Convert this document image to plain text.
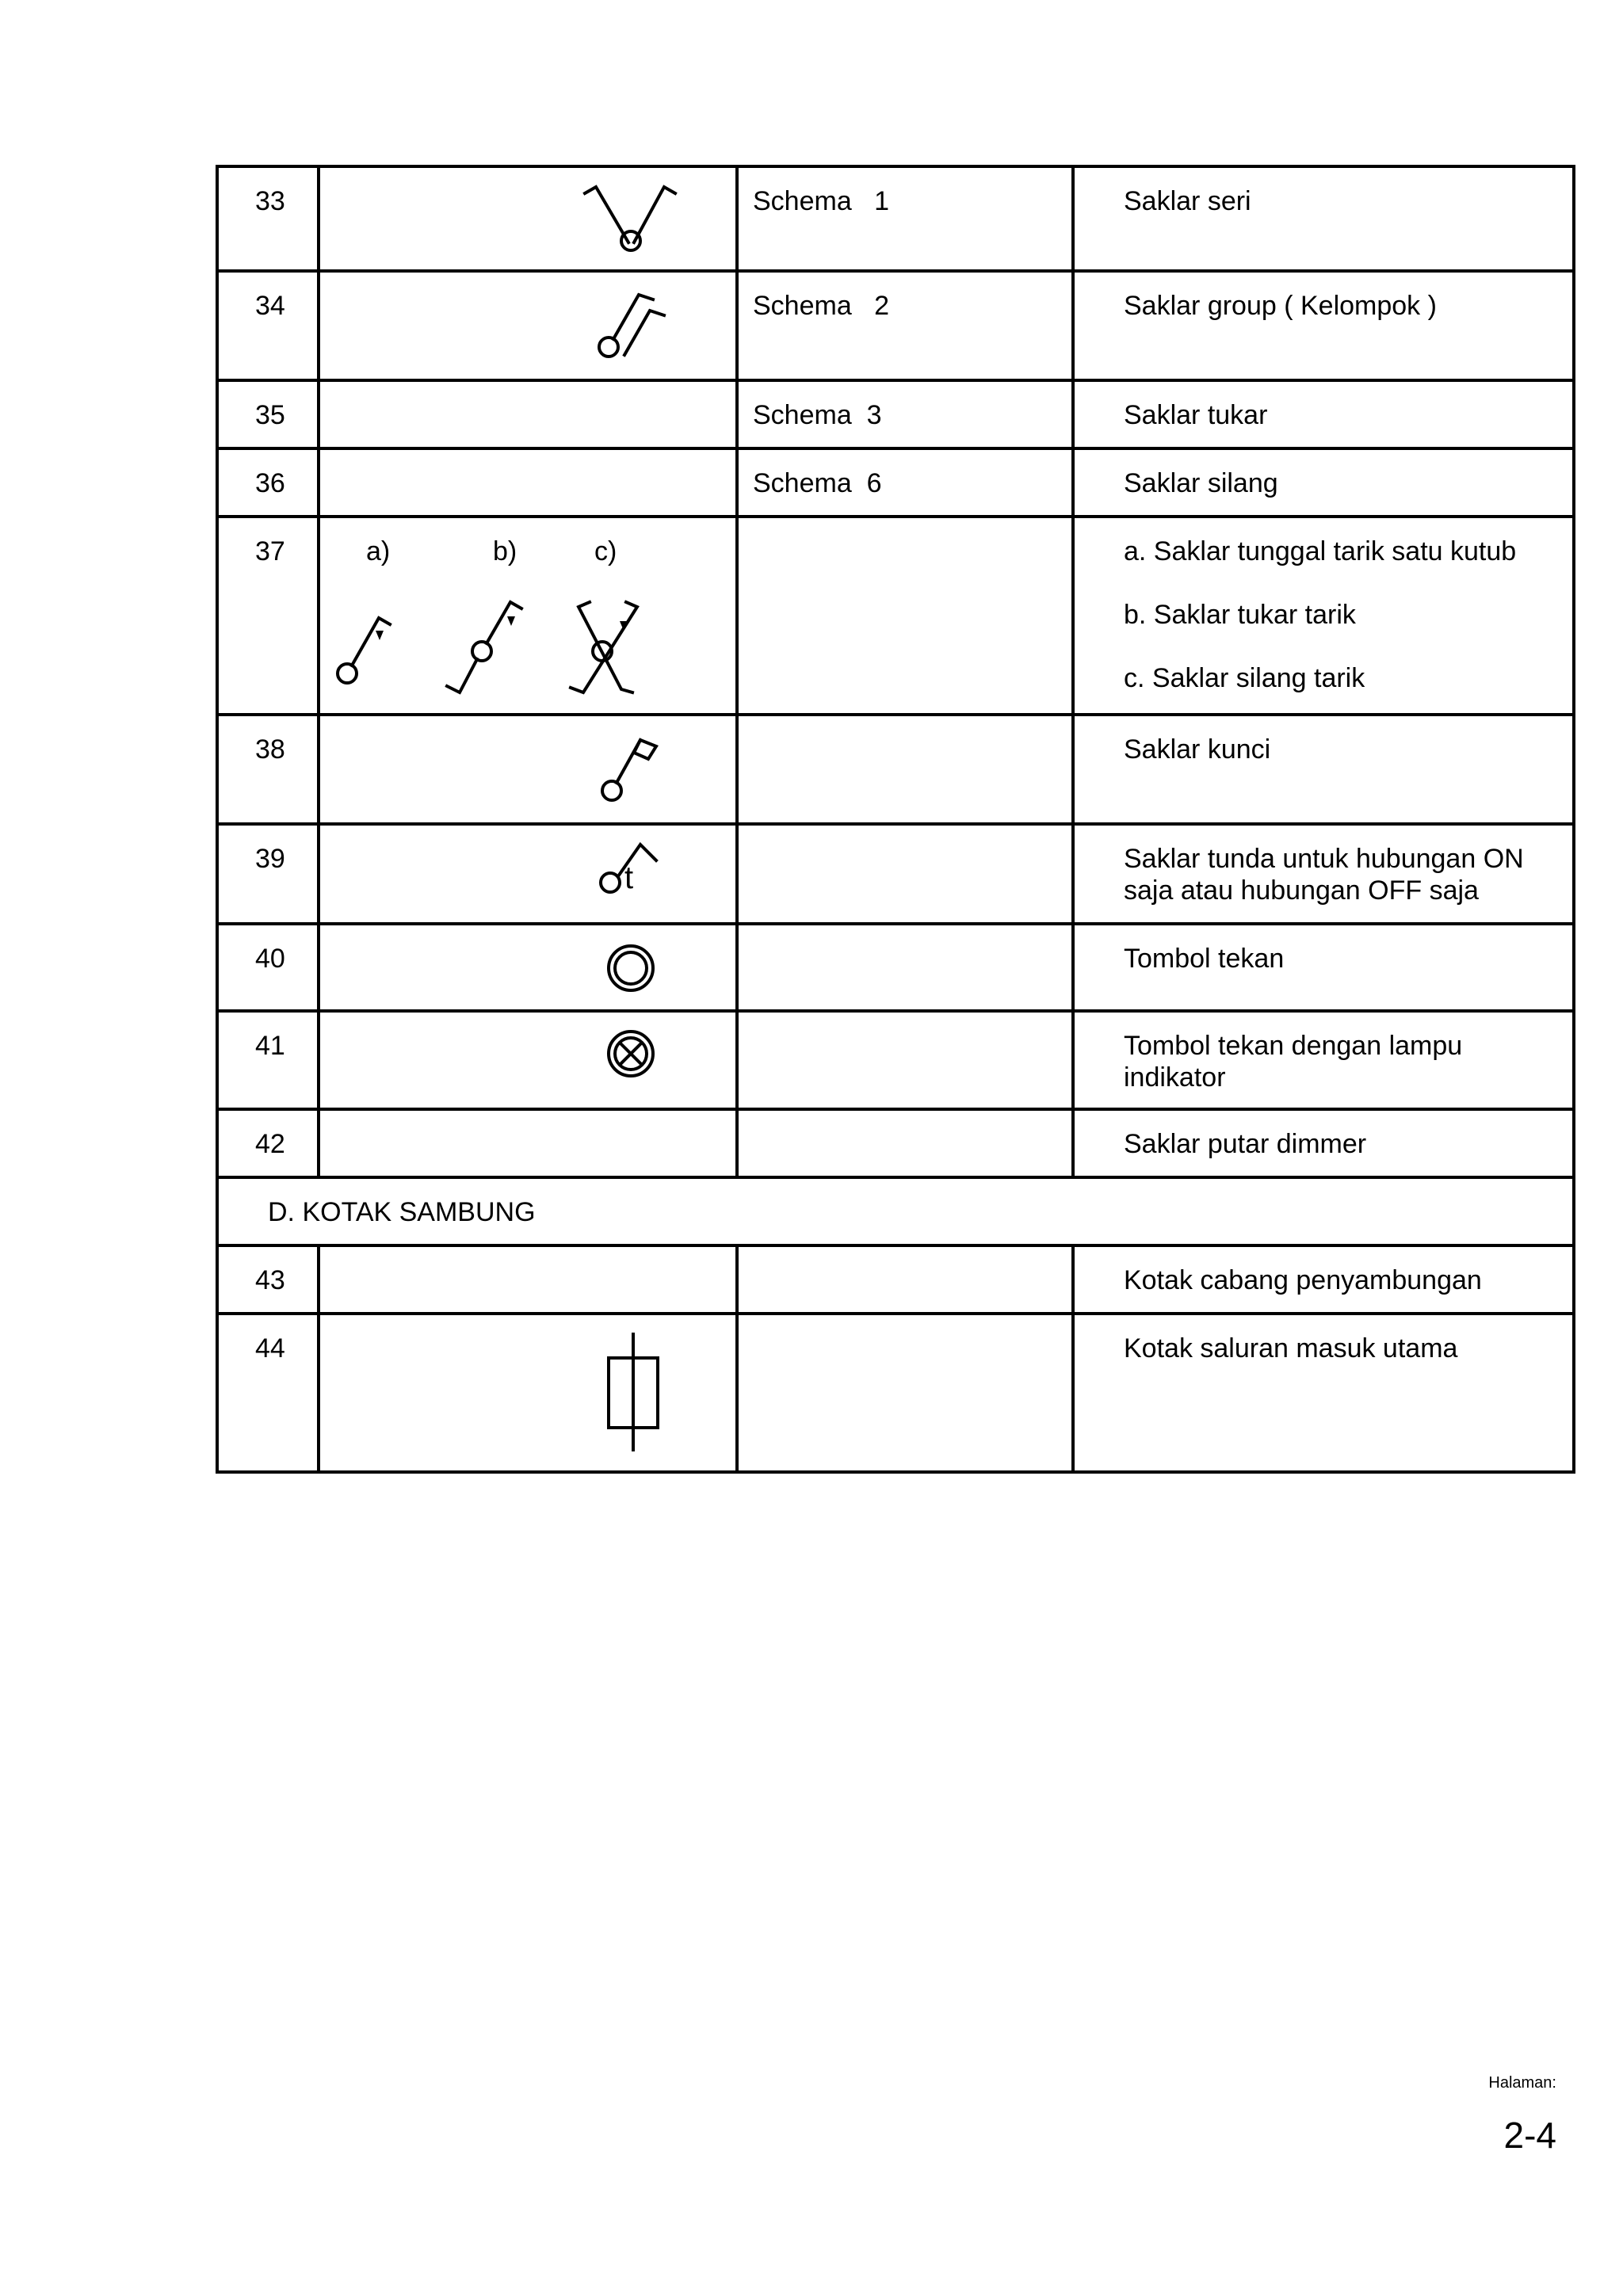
33		Schema   1	Saklar seri

34		Schema   2	Saklar group ( Kelompok )

35		Schema  3	Saklar tukar

36		Schema  6	Saklar silang

37	a) b) c)		a. Saklar tunggal tarik satu kutub
b. Saklar tukar tarik
c. Saklar silang tarik

38			Saklar kunci

39	t		Saklar tunda untuk hubungan ON saja atau hubungan OFF saja

40			Tombol tekan

41			Tombol tekan dengan lampu indikator

42			Saklar putar dimmer

D. KOTAK SAMBUNG			

43			Kotak cabang penyambungan

44			Kotak saluran masuk utama
Halaman:
2-4
